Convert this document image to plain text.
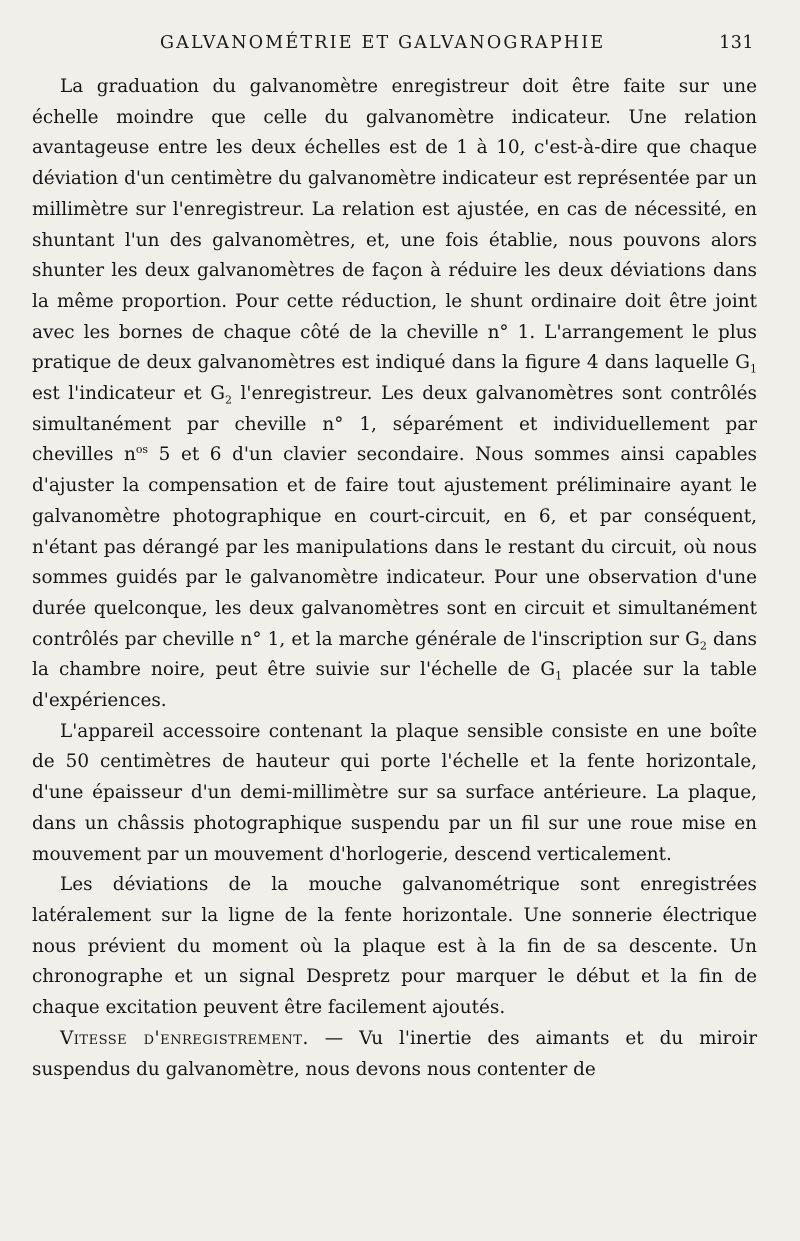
GALVANOMÉTRIE ET GALVANOGRAPHIE	131

La graduation du galvanomètre enregistreur doit être faite sur une échelle moindre que celle du galvanomètre indicateur. Une relation avantageuse entre les deux échelles est de 1 à 10, c'est-à-dire que chaque déviation d'un centimètre du galvanomètre indicateur est représentée par un millimètre sur l'enregistreur. La relation est ajustée, en cas de nécessité, en shuntant l'un des galvanomètres, et, une fois établie, nous pouvons alors shunter les deux galvanomètres de façon à réduire les deux déviations dans la même proportion. Pour cette réduction, le shunt ordinaire doit être joint avec les bornes de chaque côté de la cheville n° 1. L'arrangement le plus pratique de deux galvanomètres est indiqué dans la figure 4 dans laquelle $G_1$ est l'indicateur et $G_2$ l'enregistreur. Les deux galvanomètres sont contrôlés simultanément par cheville n° 1, séparément et individuellement par chevilles $n^{os}$ 5 et 6 d'un clavier secondaire. Nous sommes ainsi capables d'ajuster la compensation et de faire tout ajustement préliminaire ayant le galvanomètre photographique en court-circuit, en 6, et par conséquent, n'étant pas dérangé par les manipulations dans le restant du circuit, où nous sommes guidés par le galvanomètre indicateur. Pour une observation d'une durée quelconque, les deux galvanomètres sont en circuit et simultanément contrôlés par cheville n° 1, et la marche générale de l'inscription sur $G_2$ dans la chambre noire, peut être suivie sur l'échelle de $G_1$ placée sur la table d'expériences.

L'appareil accessoire contenant la plaque sensible consiste en une boîte de 50 centimètres de hauteur qui porte l'échelle et la fente horizontale, d'une épaisseur d'un demi-millimètre sur sa surface antérieure. La plaque, dans un châssis photographique suspendu par un fil sur une roue mise en mouvement par un mouvement d'horlogerie, descend verticalement.

Les déviations de la mouche galvanométrique sont enregistrées latéralement sur la ligne de la fente horizontale. Une sonnerie électrique nous prévient du moment où la plaque est à la fin de sa descente. Un chronographe et un signal Despretz pour marquer le début et la fin de chaque excitation peuvent être facilement ajoutés.

Vitesse d'enregistrement. — Vu l'inertie des aimants et du miroir suspendus du galvanomètre, nous devons nous contenter de
